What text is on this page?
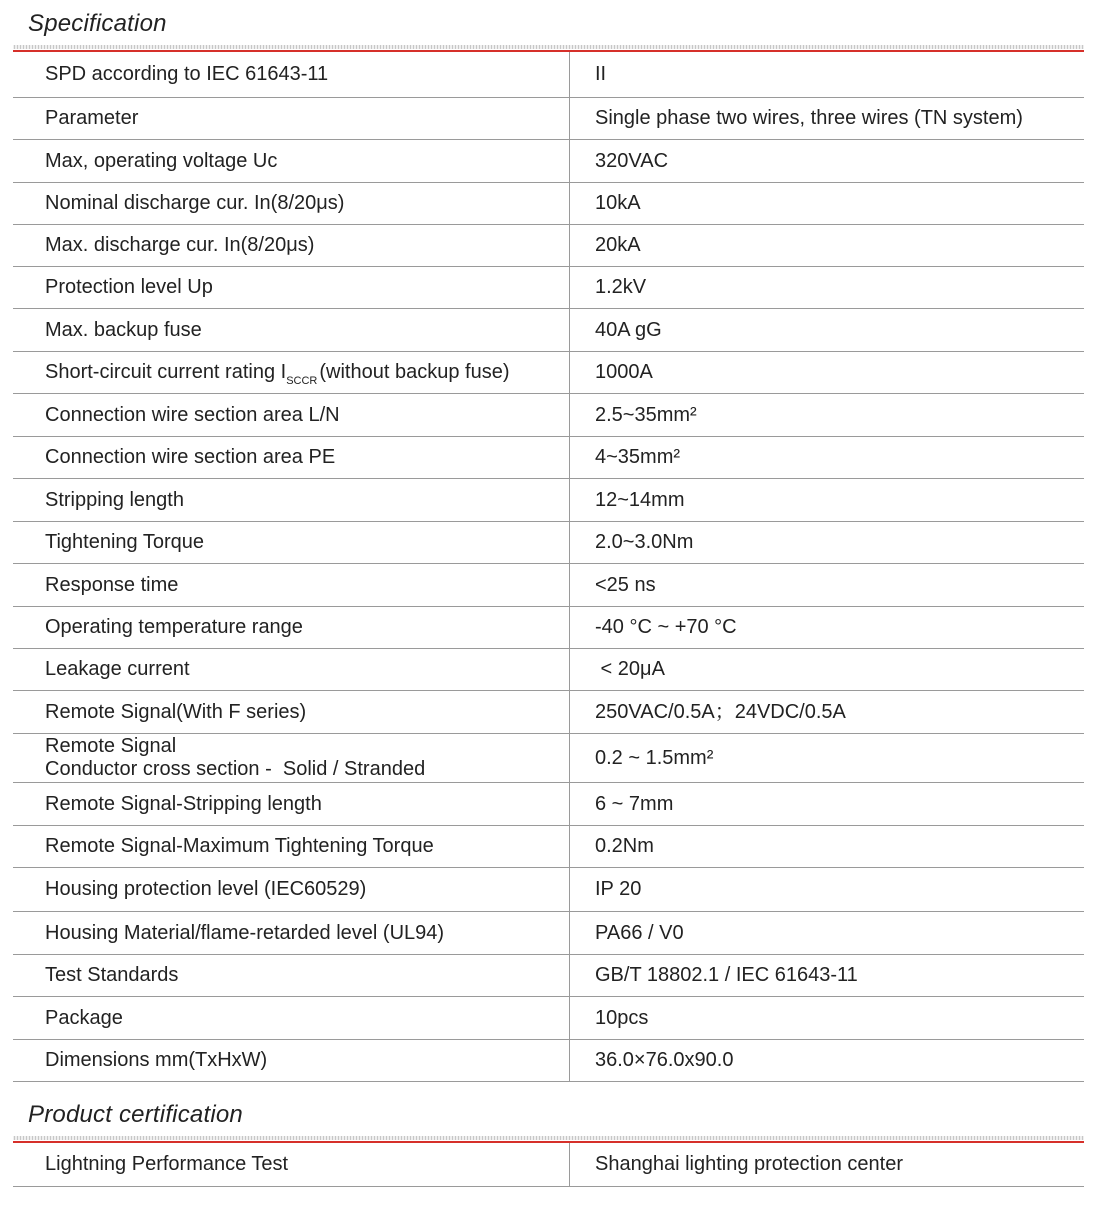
Specification
SPD according to IEC 61643-11	II
Parameter	Single phase two wires, three wires (TN system)
Max, operating voltage Uc	320VAC
Nominal discharge cur. In(8/20μs)	10kA
Max. discharge cur. In(8/20μs)	20kA
Protection level Up	1.2kV
Max. backup fuse	40A gG
Short-circuit current rating $I_{SCCR}$ (without backup fuse)	1000A
Connection wire section area L/N	2.5~35mm²
Connection wire section area PE	4~35mm²
Stripping length	12~14mm
Tightening Torque	2.0~3.0Nm
Response time	<25 ns
Operating temperature range	-40 °C ~ +70 °C
Leakage current	< 20μA
Remote Signal(With F series)	250VAC/0.5A；24VDC/0.5A

Remote Signal
Conductor cross section -  Solid / Stranded	0.2 ~ 1.5mm²
Remote Signal-Stripping length	6 ~ 7mm
Remote Signal-Maximum Tightening Torque	0.2Nm
Housing protection level (IEC60529)	IP 20
Housing Material/flame-retarded level (UL94)	PA66 / V0
Test Standards	GB/T 18802.1 / IEC 61643-11
Package	10pcs
Dimensions mm(TxHxW)	36.0×76.0x90.0
Product certification
Lightning Performance Test	Shanghai lighting protection center
